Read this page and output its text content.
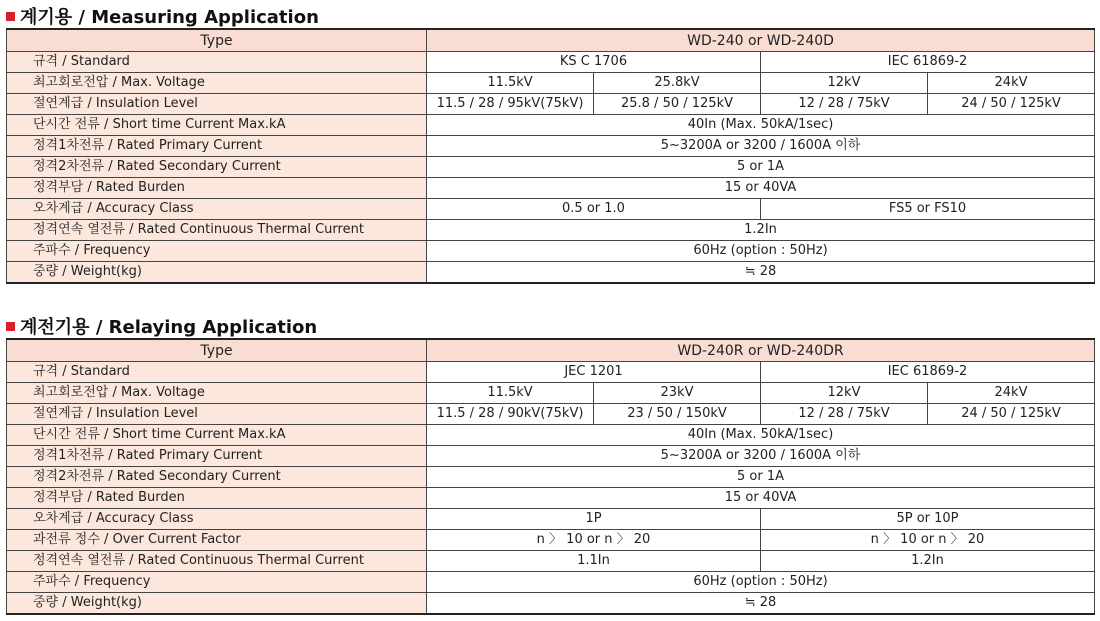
계기용 / Measuring Application
Type	WD-240 or WD-240D			
규격 / Standard	KS C 1706		IEC 61869-2	
최고회로전압 / Max. Voltage	11.5kV	25.8kV	12kV	24kV
절연계급 / Insulation Level	11.5 / 28 / 95kV(75kV)	25.8 / 50 / 125kV	12 / 28 / 75kV	24 / 50 / 125kV
단시간 전류 / Short time Current Max.kA	40In (Max. 50kA/1sec)			
정격1차전류 / Rated Primary Current	5~3200A or 3200 / 1600A 이하			
정격2차전류 / Rated Secondary Current	5 or 1A			
정격부담 / Rated Burden	15 or 40VA			
오차계급 / Accuracy Class	0.5 or 1.0		FS5 or FS10	
정격연속 열전류 / Rated Continuous Thermal Current	1.2In			
주파수 / Frequency	60Hz (option : 50Hz)			
중량 / Weight(kg)	≒ 28			
계전기용 / Relaying Application
Type	WD-240R or WD-240DR			
규격 / Standard	JEC 1201		IEC 61869-2	
최고회로전압 / Max. Voltage	11.5kV	23kV	12kV	24kV
절연계급 / Insulation Level	11.5 / 28 / 90kV(75kV)	23 / 50 / 150kV	12 / 28 / 75kV	24 / 50 / 125kV
단시간 전류 / Short time Current Max.kA	40In (Max. 50kA/1sec)			
정격1차전류 / Rated Primary Current	5~3200A or 3200 / 1600A 이하			
정격2차전류 / Rated Secondary Current	5 or 1A			
정격부담 / Rated Burden	15 or 40VA			
오차계급 / Accuracy Class	1P		5P or 10P	
과전류 정수 / Over Current Factor	n 〉 10 or n 〉 20		n 〉 10 or n 〉 20	
정격연속 열전류 / Rated Continuous Thermal Current	1.1In		1.2In	
주파수 / Frequency	60Hz (option : 50Hz)			
중량 / Weight(kg)	≒ 28			
